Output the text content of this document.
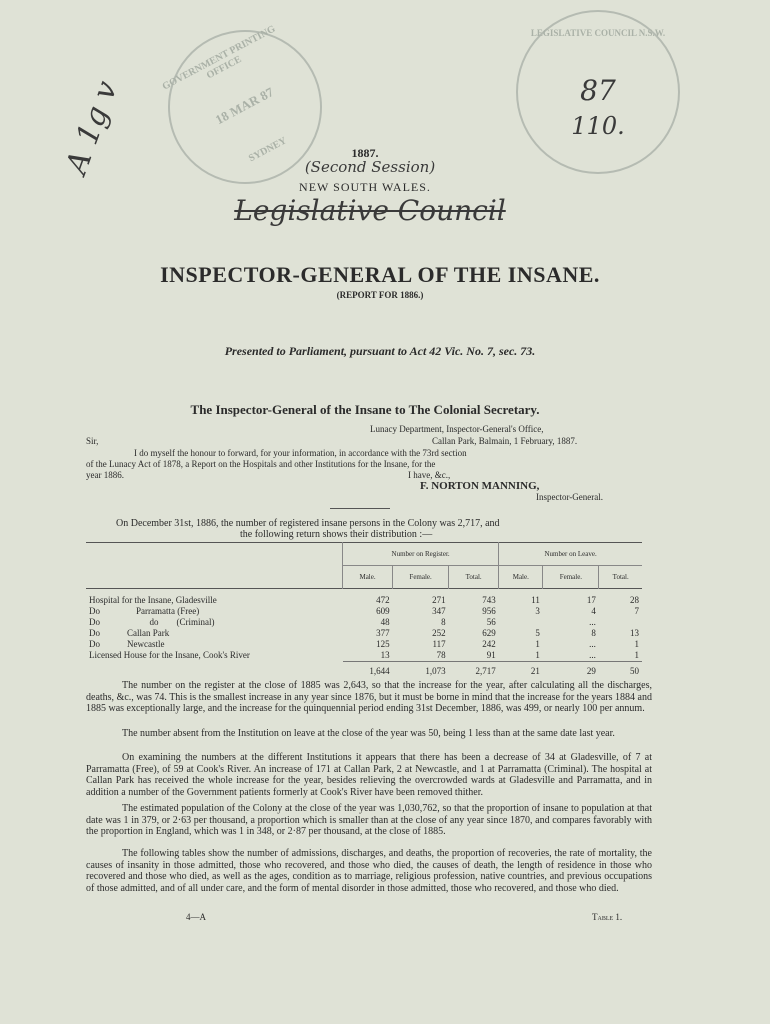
A 1g v
GOVERNMENT PRINTING OFFICE
18 MAR 87
SYDNEY
LEGISLATIVE COUNCIL N.S.W.
87
110.
1887.
(Second Session)
NEW SOUTH WALES.
Legislative Council
INSPECTOR-GENERAL OF THE INSANE.
(REPORT FOR 1886.)
Presented to Parliament, pursuant to Act 42 Vic. No. 7, sec. 73.
The Inspector-General of the Insane to The Colonial Secretary.
Lunacy Department, Inspector-General's Office,
Sir,	Callan Park, Balmain, 1 February, 1887.
I do myself the honour to forward, for your information, in accordance with the 73rd section
of the Lunacy Act of 1878, a Report on the Hospitals and other Institutions for the Insane, for the
year 1886.	I have, &c.,
F. NORTON MANNING,
Inspector-General.
On December 31st, 1886, the number of registered insane persons in the Colony was 2,717, and
the following return shows their distribution :—
	Number on Register.			Number on Leave.		
	Male.	Female.	Total.	Male.	Female.	Total.

Hospital for the Insane, Gladesville	472	271	743	11	17	28
Do                Parramatta (Free)	609	347	956	3	4	7
Do                      do        (Criminal)	48	8	56		...	
Do            Callan Park	377	252	629	5	8	13
Do            Newcastle	125	117	242	1	...	1
Licensed House for the Insane, Cook's River	13	78	91	1	...	1
	1,644	1,073	2,717	21	29	50
The number on the register at the close of 1885 was 2,643, so that the increase for the year, after calculating all the discharges, deaths, &c., was 74. This is the smallest increase in any year since 1876, but it must be borne in mind that the increase for the years 1884 and 1885 was exceptionally large, and the increase for the quinquennial period ending 31st December, 1886, was 499, or nearly 100 per annum.
The number absent from the Institution on leave at the close of the year was 50, being 1 less than at the same date last year.
On examining the numbers at the different Institutions it appears that there has been a decrease of 34 at Gladesville, of 7 at Parramatta (Free), of 59 at Cook's River. An increase of 171 at Callan Park, 2 at Newcastle, and 1 at Parramatta (Criminal). The hospital at Callan Park has received the whole increase for the year, besides relieving the overcrowded wards at Gladesville and Parramatta, and in addition a number of the Government patients formerly at Cook's River have been removed thither.
The estimated population of the Colony at the close of the year was 1,030,762, so that the proportion of insane to population at that date was 1 in 379, or 2·63 per thousand, a proportion which is smaller than at the close of any year since 1870, and compares favorably with the proportion in England, which was 1 in 348, or 2·87 per thousand, at the close of 1885.
The following tables show the number of admissions, discharges, and deaths, the proportion of recoveries, the rate of mortality, the causes of insanity in those admitted, those who recovered, and those who died, the causes of death, the length of residence in those who recovered and those who died, as well as the ages, condition as to marriage, religious profession, native countries, and previous occupations of those admitted, and of all under care, and the form of mental disorder in those admitted, those who recovered, and those who died.
4—A	Table 1.
